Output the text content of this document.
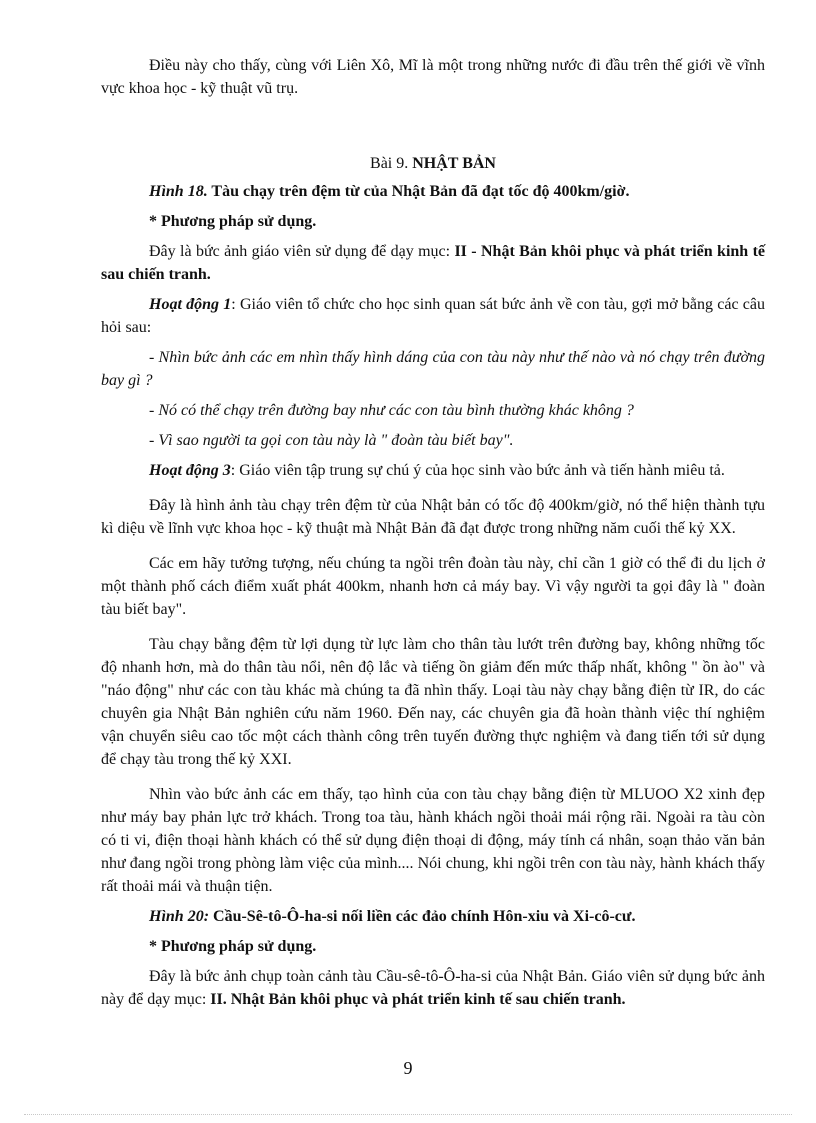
Điều này cho thấy, cùng với Liên Xô, Mĩ là một trong những nước đi đầu trên thế giới về vĩnh vực khoa học - kỹ thuật vũ trụ.

Bài 9. NHẬT BẢN

Hình 18. Tàu chạy trên đệm từ của Nhật Bản đã đạt tốc độ 400km/giờ.

* Phương pháp sử dụng.

Đây là bức ảnh giáo viên sử dụng để dạy mục: II - Nhật Bản khôi phục và phát triển kinh tế sau chiến tranh.

Hoạt động 1: Giáo viên tổ chức cho học sinh quan sát bức ảnh về con tàu, gợi mở bằng các câu hỏi sau:

- Nhìn bức ảnh các em nhìn thấy hình dáng của con tàu này như thế nào và nó chạy trên đường bay gì ?

- Nó có thể chạy trên đường bay như các con tàu bình thường khác không ?

- Vì sao người ta gọi con tàu này là " đoàn tàu biết bay".

Hoạt động 3: Giáo viên tập trung sự chú ý của học sinh vào bức ảnh và tiến hành miêu tả.

Đây là hình ảnh tàu chạy trên đệm từ của Nhật bản có tốc độ 400km/giờ, nó thể hiện thành tựu kì diệu về lĩnh vực khoa học - kỹ thuật mà Nhật Bản đã đạt được trong những năm cuối thế kỷ XX.

Các em hãy tưởng tượng, nếu chúng ta ngồi trên đoàn tàu này, chỉ cần 1 giờ có thể đi du lịch ở một thành phố cách điểm xuất phát 400km, nhanh hơn cả máy bay. Vì vậy người ta gọi đây là " đoàn tàu biết bay".

Tàu chạy bằng đệm từ lợi dụng từ lực làm cho thân tàu lướt trên đường bay, không những tốc độ nhanh hơn, mà do thân tàu nổi, nên độ lắc và tiếng ồn giảm đến mức thấp nhất, không " ồn ào" và "náo động" như các con tàu khác mà chúng ta đã nhìn thấy. Loại tàu này chạy bằng điện từ IR, do các chuyên gia Nhật Bản nghiên cứu năm 1960. Đến nay, các chuyên gia đã hoàn thành việc thí nghiệm vận chuyển siêu cao tốc một cách thành công trên tuyến đường thực nghiệm và đang tiến tới sử dụng để chạy tàu trong thế kỷ XXI.

Nhìn vào bức ảnh các em thấy, tạo hình của con tàu chạy bằng điện từ MLUOO X2 xinh đẹp như máy bay phản lực trở khách. Trong toa tàu, hành khách ngồi thoải mái rộng rãi. Ngoài ra tàu còn có ti vi, điện thoại hành khách có thể sử dụng điện thoại di động, máy tính cá nhân, soạn thảo văn bản như đang ngồi trong phòng làm việc của mình.... Nói chung, khi ngồi trên con tàu này, hành khách thấy rất thoải mái và thuận tiện.

Hình 20: Cầu-Sê-tô-Ô-ha-si nối liền các đảo chính Hôn-xiu và Xi-cô-cư.

* Phương pháp sử dụng.

Đây là bức ảnh chụp toàn cảnh tàu Cầu-sê-tô-Ô-ha-si của Nhật Bản. Giáo viên sử dụng bức ảnh này để dạy mục: II. Nhật Bản khôi phục và phát triển kinh tế sau chiến tranh.

9
